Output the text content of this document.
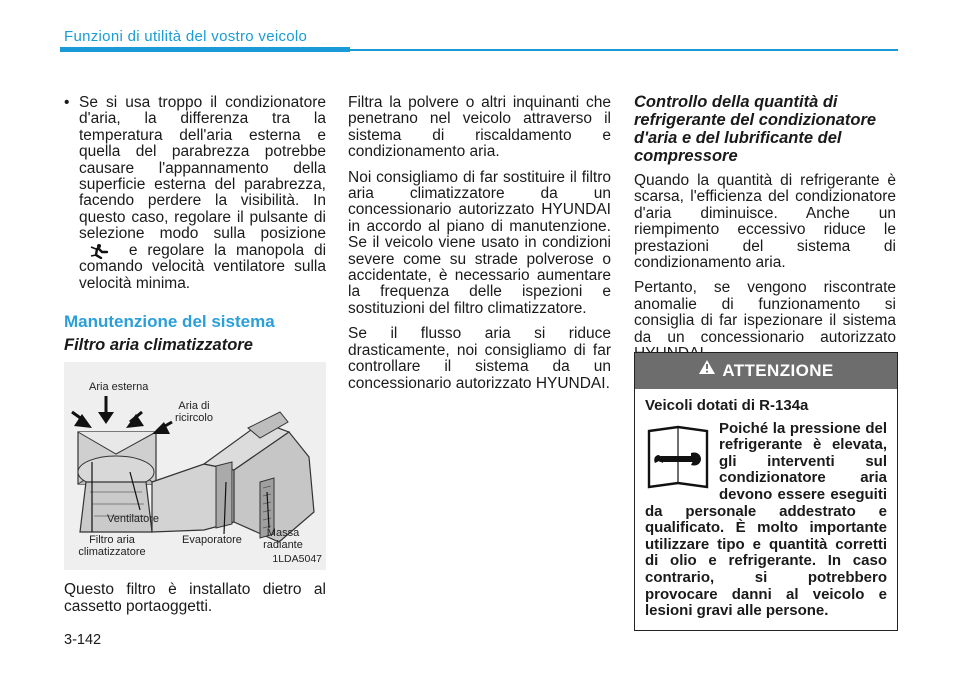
Funzioni di utilità del vostro veicolo

• Se si usa troppo il condizionatore d'aria, la differenza tra la temperatura dell'aria esterna e quella del parabrezza potrebbe causare l'appannamento della superficie esterna del parabrezza, facendo perdere la visibilità. In questo caso, regolare il pulsante di selezione modo sulla posizione  e regolare la manopola di comando velocità ventilatore sulla velocità minima.

Manutenzione del sistema

Filtro aria climatizzatore

Aria esterna
Aria di ricircolo
Ventilatore
Filtro aria climatizzatore
Evaporatore
Massa radiante
1LDA5047

Questo filtro è installato dietro al cassetto portaoggetti.

Filtra la polvere o altri inquinanti che penetrano nel veicolo attraverso il sistema di riscaldamento e condizionamento aria.

Noi consigliamo di far sostituire il filtro aria climatizzatore da un concessionario autorizzato HYUNDAI in accordo al piano di manutenzione. Se il veicolo viene usato in condizioni severe come su strade polverose o accidentate, è necessario aumentare la frequenza delle ispezioni e sostituzioni del filtro climatizzatore.

Se il flusso aria si riduce drasticamente, noi consigliamo di far controllare il sistema da un concessionario autorizzato HYUNDAI.

Controllo della quantità di refrigerante del condizionatore d'aria e del lubrificante del compressore

Quando la quantità di refrigerante è scarsa, l'efficienza del condizionatore d'aria diminuisce. Anche un riempimento eccessivo riduce le prestazioni del sistema di condizionamento aria.

Pertanto, se vengono riscontrate anomalie di funzionamento si consiglia di far ispezionare il sistema da un concessionario autorizzato

ATTENZIONE
Veicoli dotati di R-134a
Poiché la pressione del refrigerante è elevata, gli interventi sul condizionatore aria devono essere eseguiti da personale addestrato e qualificato. È molto importante utilizzare tipo e quantità corretti di olio e refrigerante. In caso contrario, si potrebbero provocare danni al veicolo e lesioni gravi alle persone.
3-142
